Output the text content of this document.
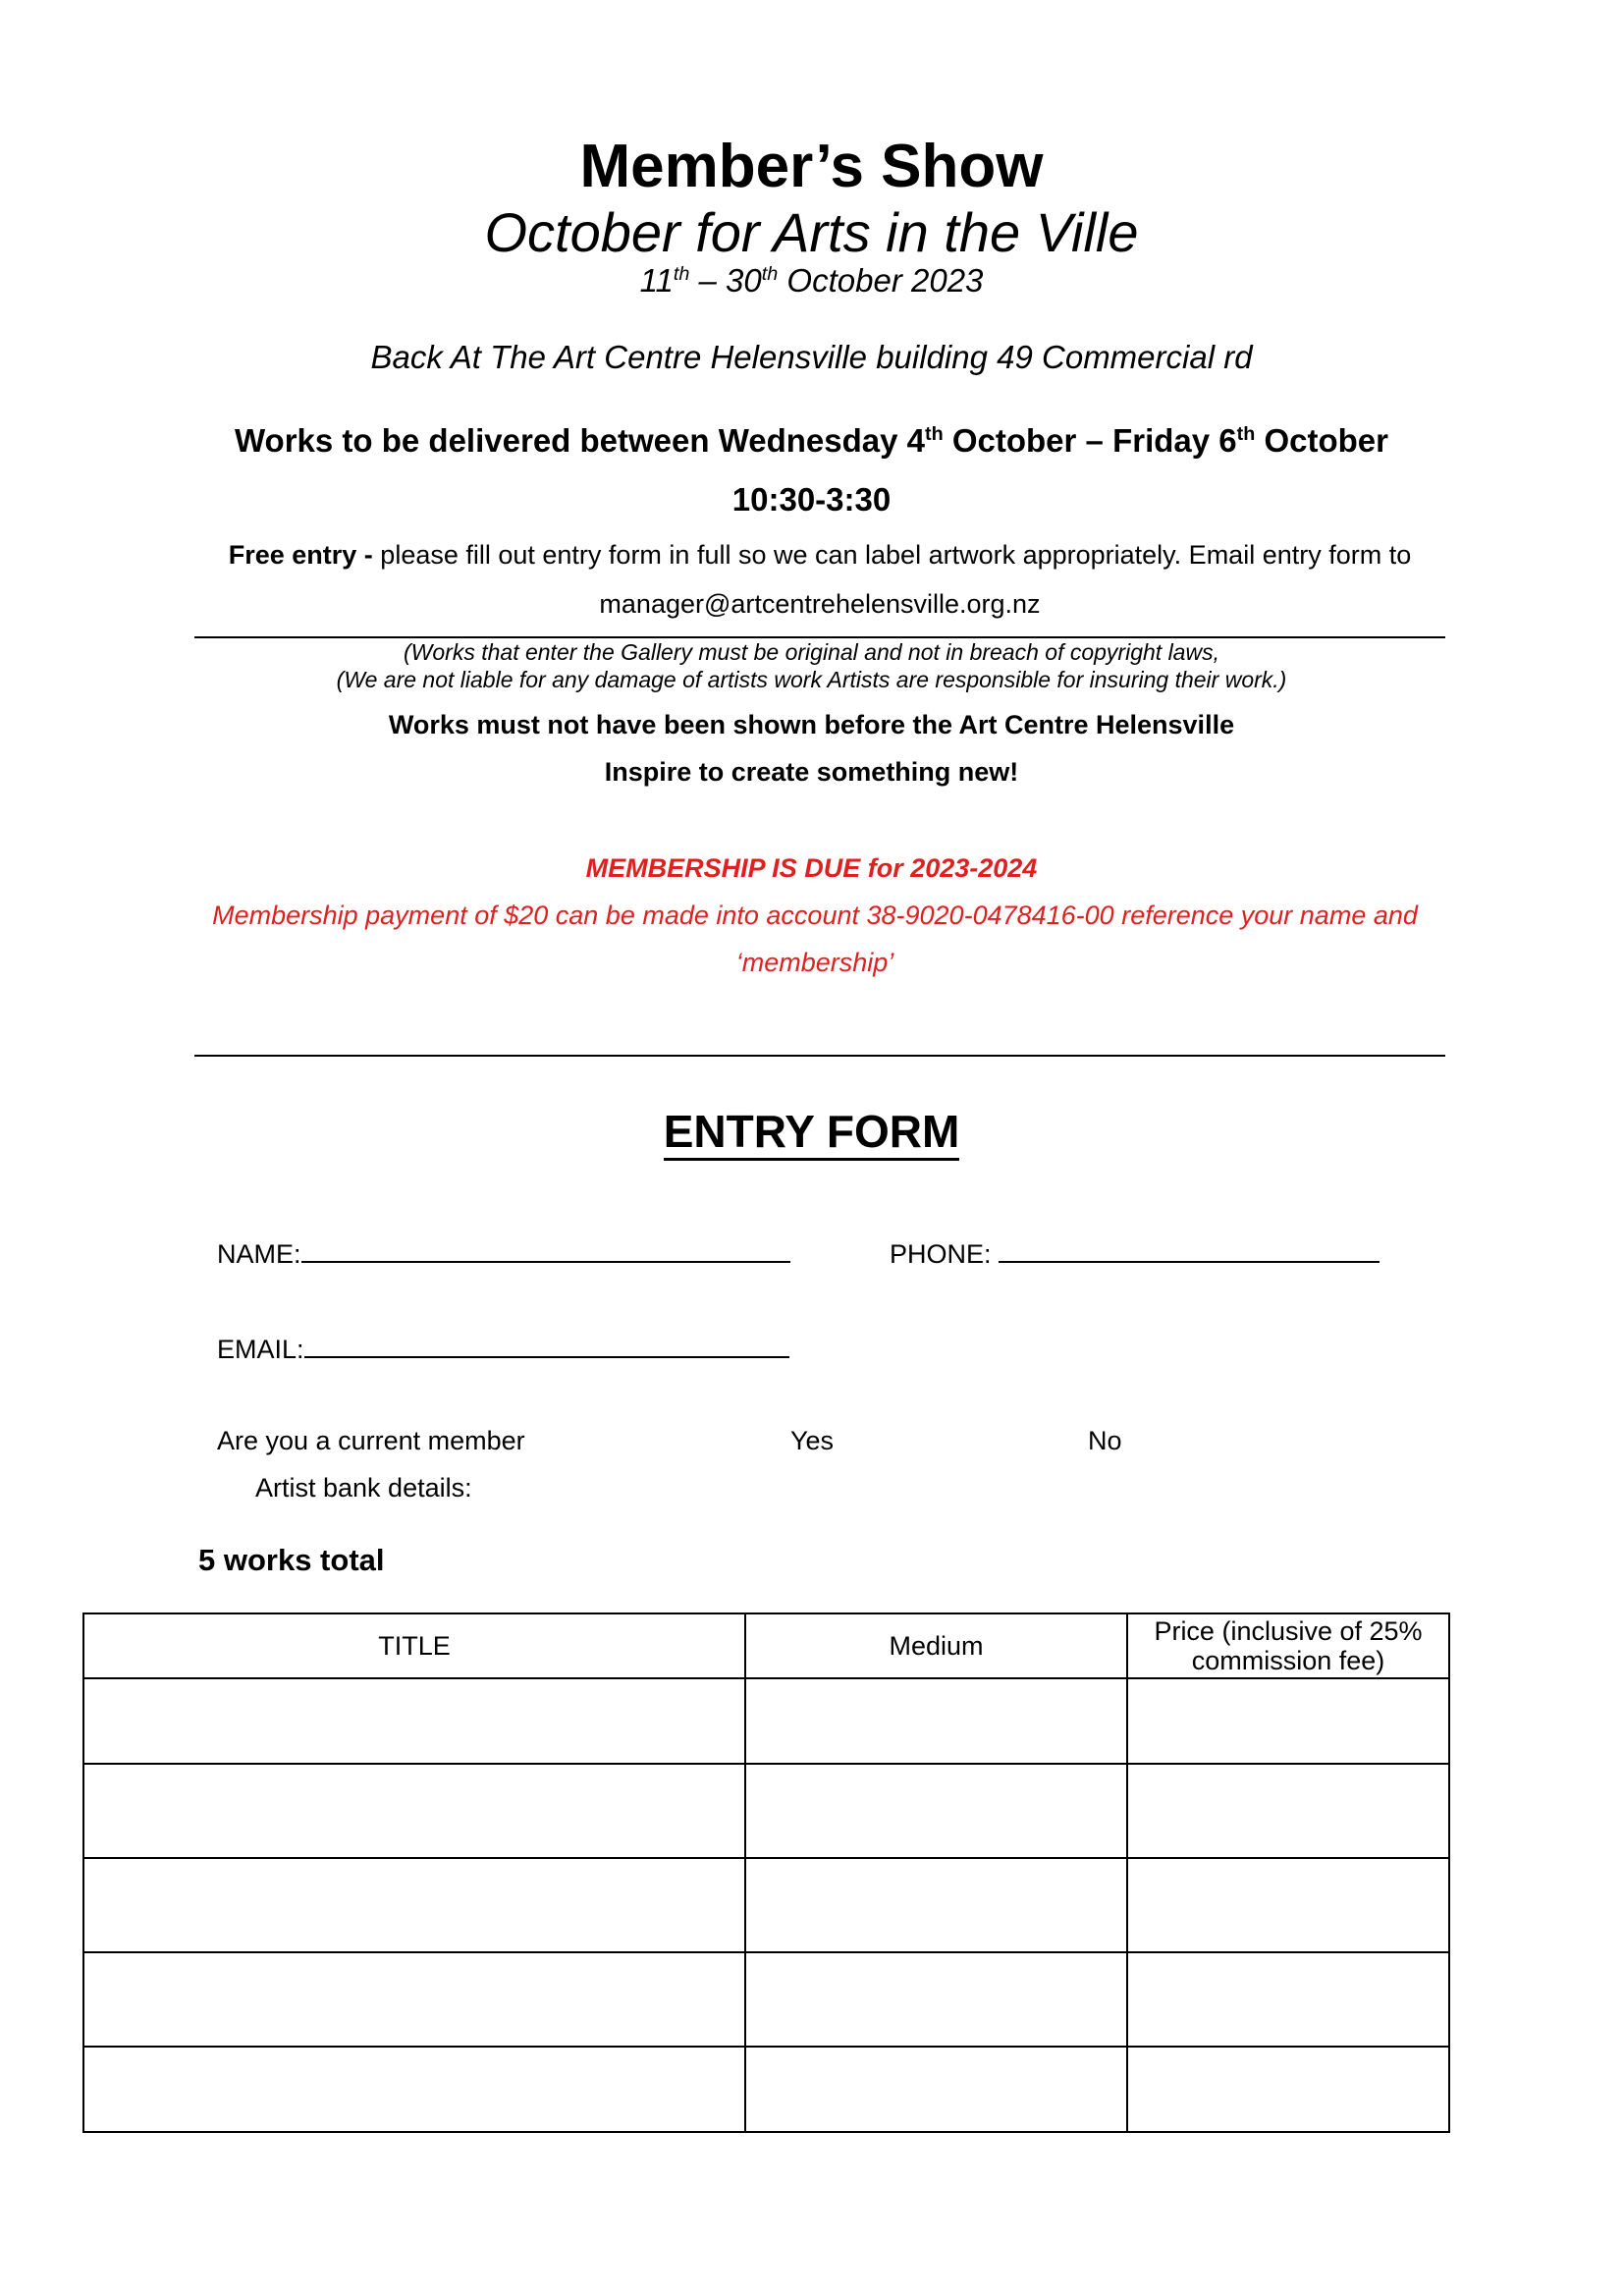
Member’s Show
October for Arts in the Ville
11th – 30th October 2023
Back At The Art Centre Helensville building 49 Commercial rd
Works to be delivered between Wednesday 4th October – Friday 6th October
10:30-3:30
Free entry - please fill out entry form in full so we can label artwork appropriately. Email entry form to manager@artcentrehelensville.org.nz
(Works that enter the Gallery must be original and not in breach of copyright laws,
(We are not liable for any damage of artists work Artists are responsible for insuring their work.)
Works must not have been shown before the Art Centre Helensville
Inspire to create something new!
MEMBERSHIP IS DUE for 2023-2024
Membership payment of $20 can be made into account 38-9020-0478416-00 reference your name and ‘membership’
ENTRY FORM
NAME:	PHONE:
EMAIL:
Are you a current member	Yes	No
Artist bank details:
5 works total
TITLE	Medium	Price (inclusive of 25% commission fee)
